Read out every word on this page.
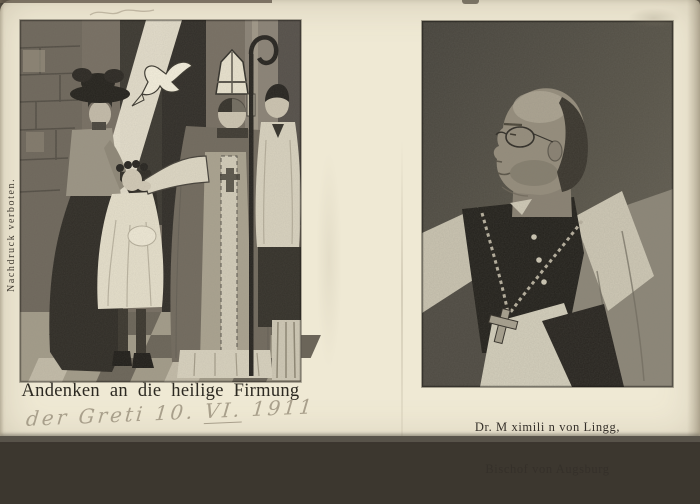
Nachdruck verboten.
Andenken an die heilige Firmung

Dr. M ximili n von Lingg,

Bischof von Augsburg

der Greti 10. VI. 1911
